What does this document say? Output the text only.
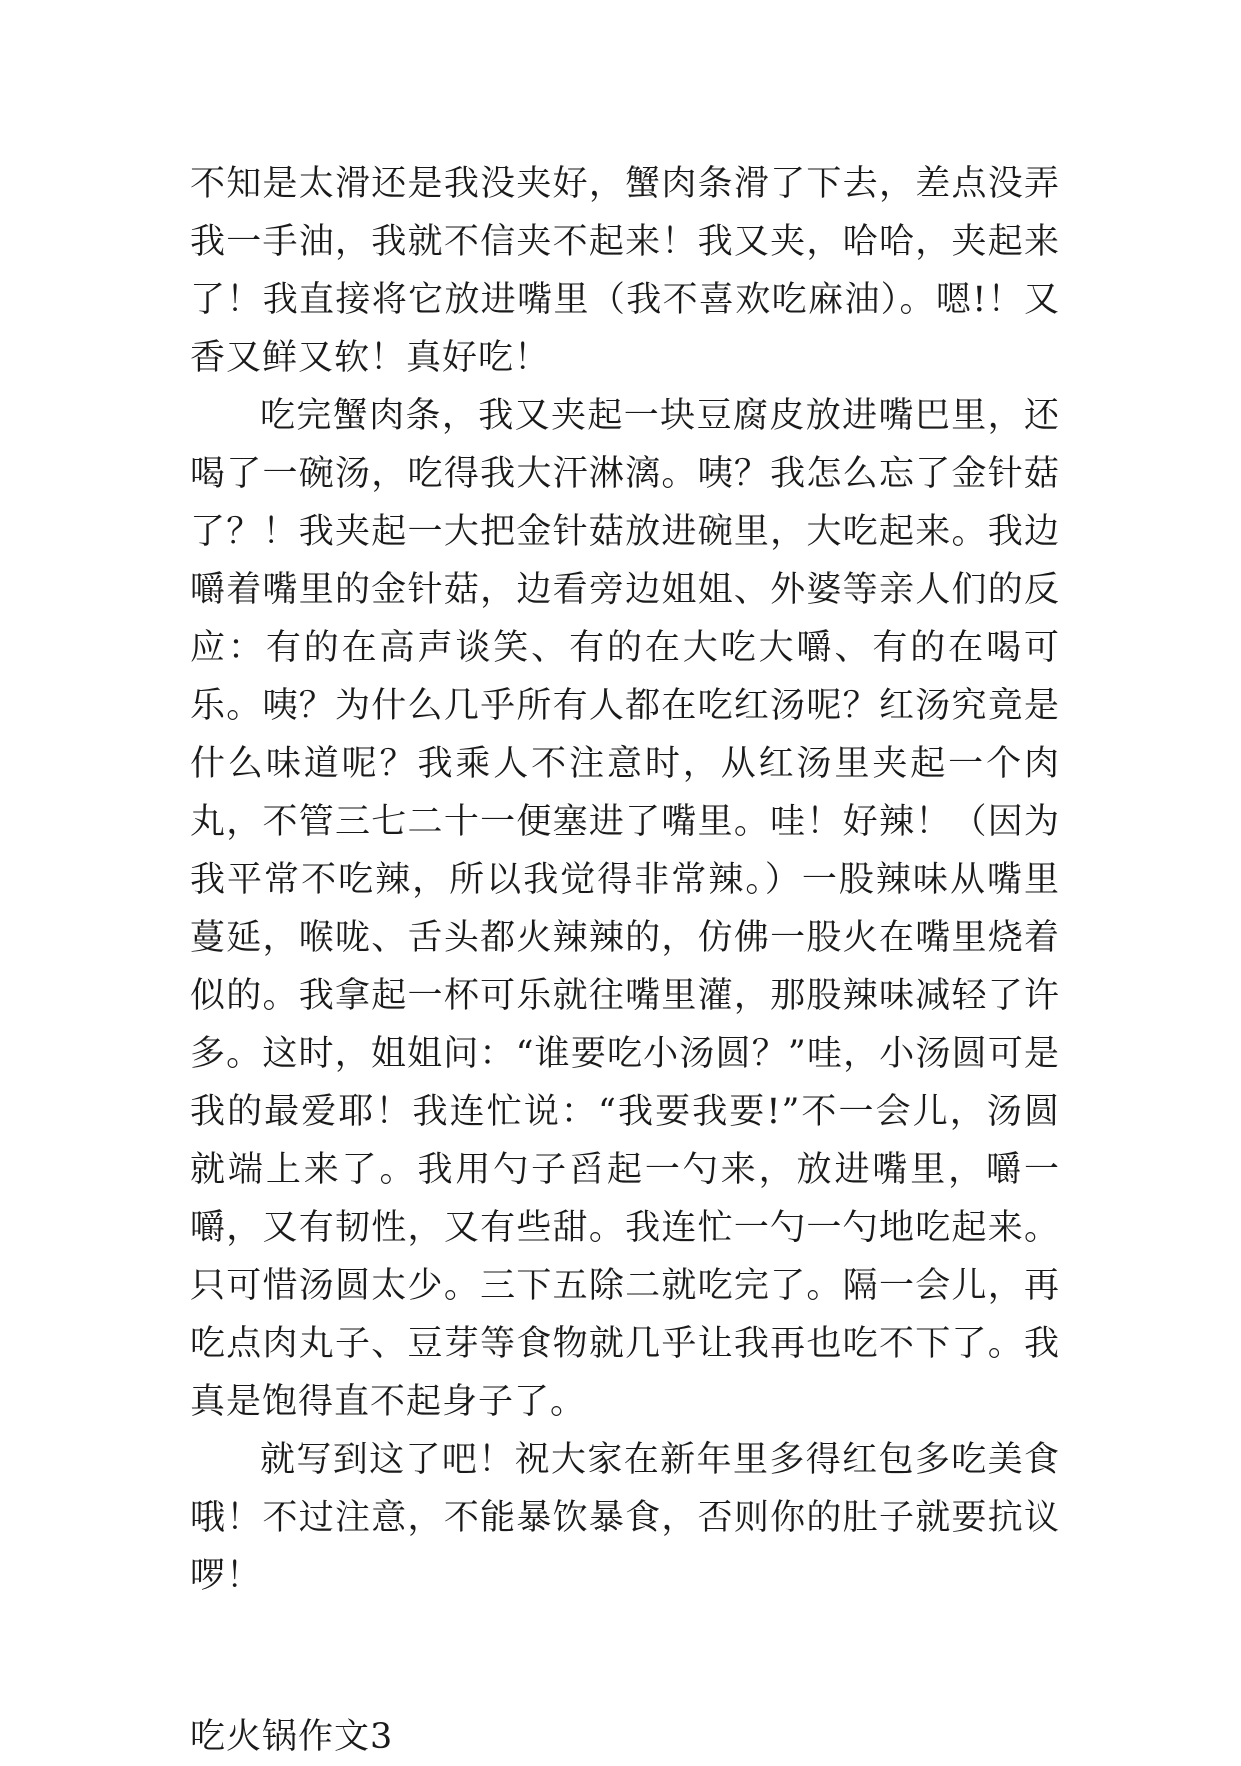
不知是太滑还是我没夹好，蟹肉条滑了下去，差点没弄我一手油，我就不信夹不起来！我又夹，哈哈，夹起来了！我直接将它放进嘴里（我不喜欢吃麻油）。嗯!！又香又鲜又软！真好吃！

吃完蟹肉条，我又夹起一块豆腐皮放进嘴巴里，还喝了一碗汤，吃得我大汗淋漓。咦？我怎么忘了金针菇了？！我夹起一大把金针菇放进碗里，大吃起来。我边嚼着嘴里的金针菇，边看旁边姐姐、外婆等亲人们的反应：有的在高声谈笑、有的在大吃大嚼、有的在喝可乐。咦？为什么几乎所有人都在吃红汤呢？红汤究竟是什么味道呢？我乘人不注意时，从红汤里夹起一个肉丸，不管三七二十一便塞进了嘴里。哇！好辣！（因为我平常不吃辣，所以我觉得非常辣。）一股辣味从嘴里蔓延，喉咙、舌头都火辣辣的，仿佛一股火在嘴里烧着似的。我拿起一杯可乐就往嘴里灌，那股辣味减轻了许多。这时，姐姐问：“谁要吃小汤圆？”哇，小汤圆可是我的最爱耶！我连忙说：“我要我要!”不一会儿，汤圆就端上来了。我用勺子舀起一勺来，放进嘴里，嚼一嚼，又有韧性，又有些甜。我连忙一勺一勺地吃起来。只可惜汤圆太少。三下五除二就吃完了。隔一会儿，再吃点肉丸子、豆芽等食物就几乎让我再也吃不下了。我真是饱得直不起身子了。

就写到这了吧！祝大家在新年里多得红包多吃美食哦！不过注意，不能暴饮暴食，否则你的肚子就要抗议啰！

吃火锅作文3
